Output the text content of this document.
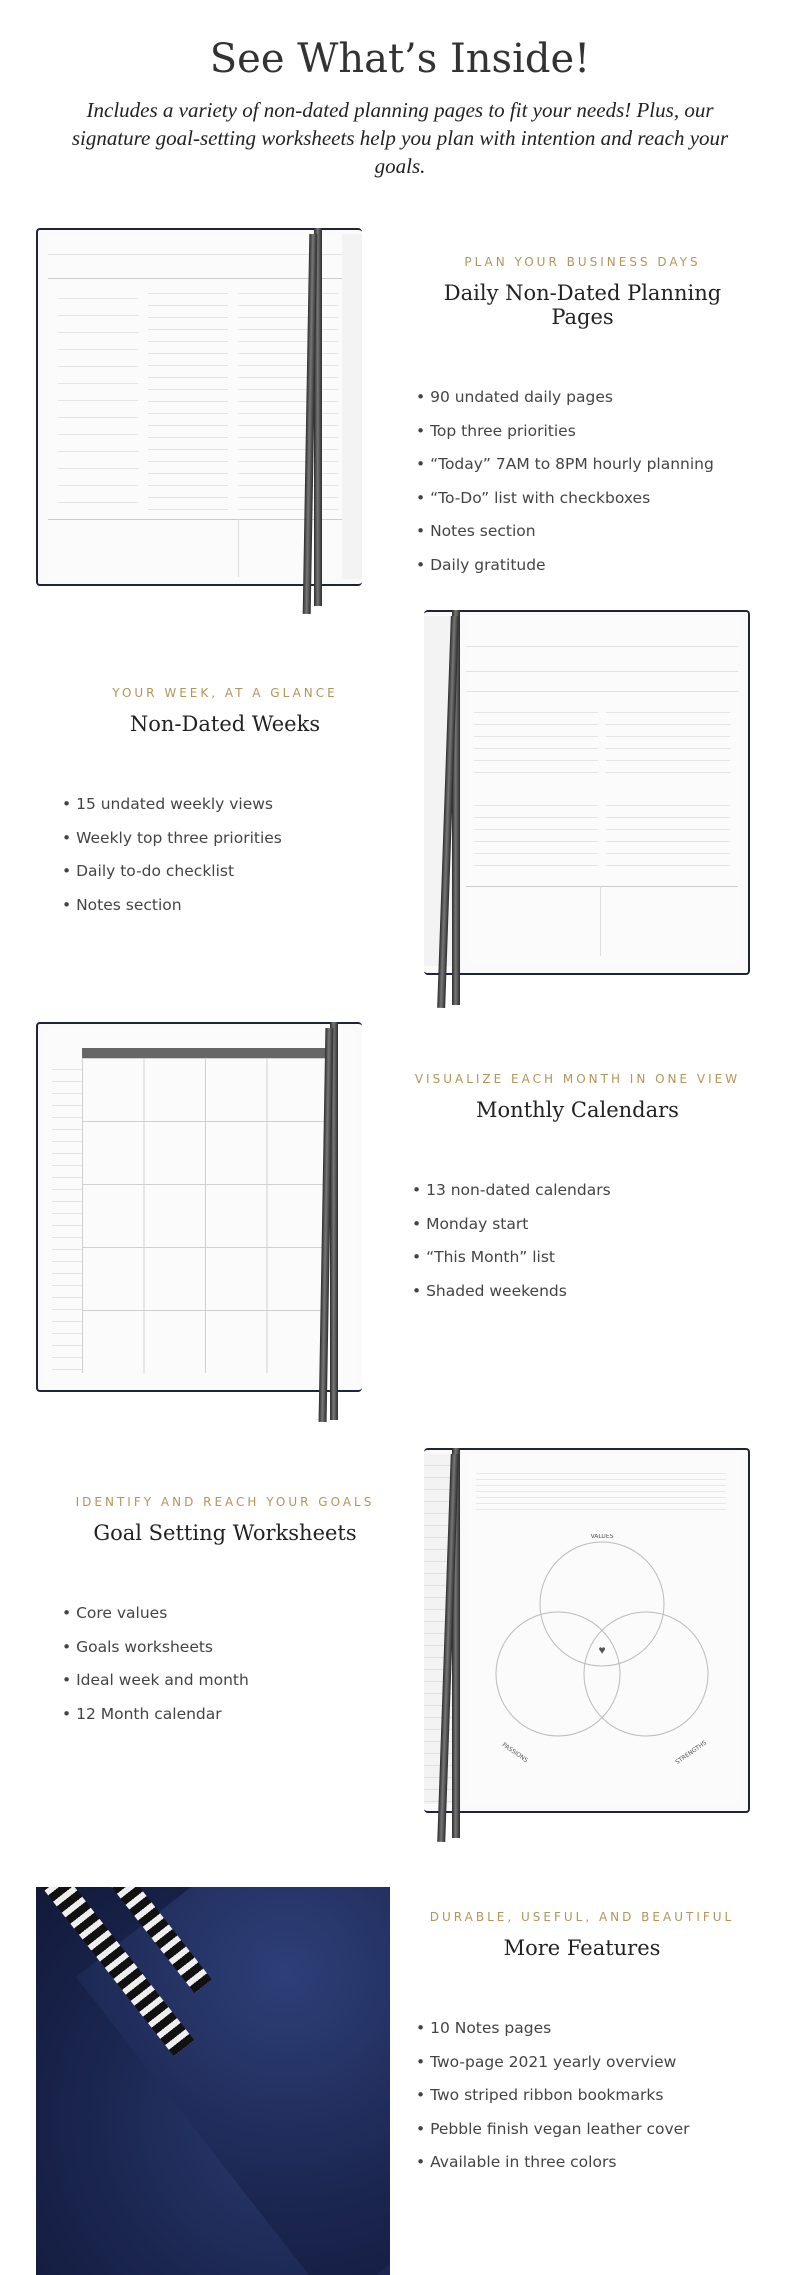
See What’s Inside!

Includes a variety of non-dated planning pages to fit your needs! Plus, our signature goal-setting worksheets help you plan with intention and reach your goals.

PLAN YOUR BUSINESS DAYS
Daily Non-Dated Planning Pages
• 90 undated daily pages
• Top three priorities
• “Today” 7AM to 8PM hourly planning
• “To-Do” list with checkboxes
• Notes section
• Daily gratitude
YOUR WEEK, AT A GLANCE
Non-Dated Weeks
• 15 undated weekly views
• Weekly top three priorities
• Daily to-do checklist
• Notes section
VISUALIZE EACH MONTH IN ONE VIEW
Monthly Calendars
• 13 non-dated calendars
• Monday start
• “This Month” list
• Shaded weekends
IDENTIFY AND REACH YOUR GOALS
Goal Setting Worksheets
• Core values
• Goals worksheets
• Ideal week and month
• 12 Month calendar
VALUES
PASSIONS	STRENGTHS
♥
DURABLE, USEFUL, AND BEAUTIFUL
More Features
• 10 Notes pages
• Two-page 2021 yearly overview
• Two striped ribbon bookmarks
• Pebble finish vegan leather cover
• Available in three colors
